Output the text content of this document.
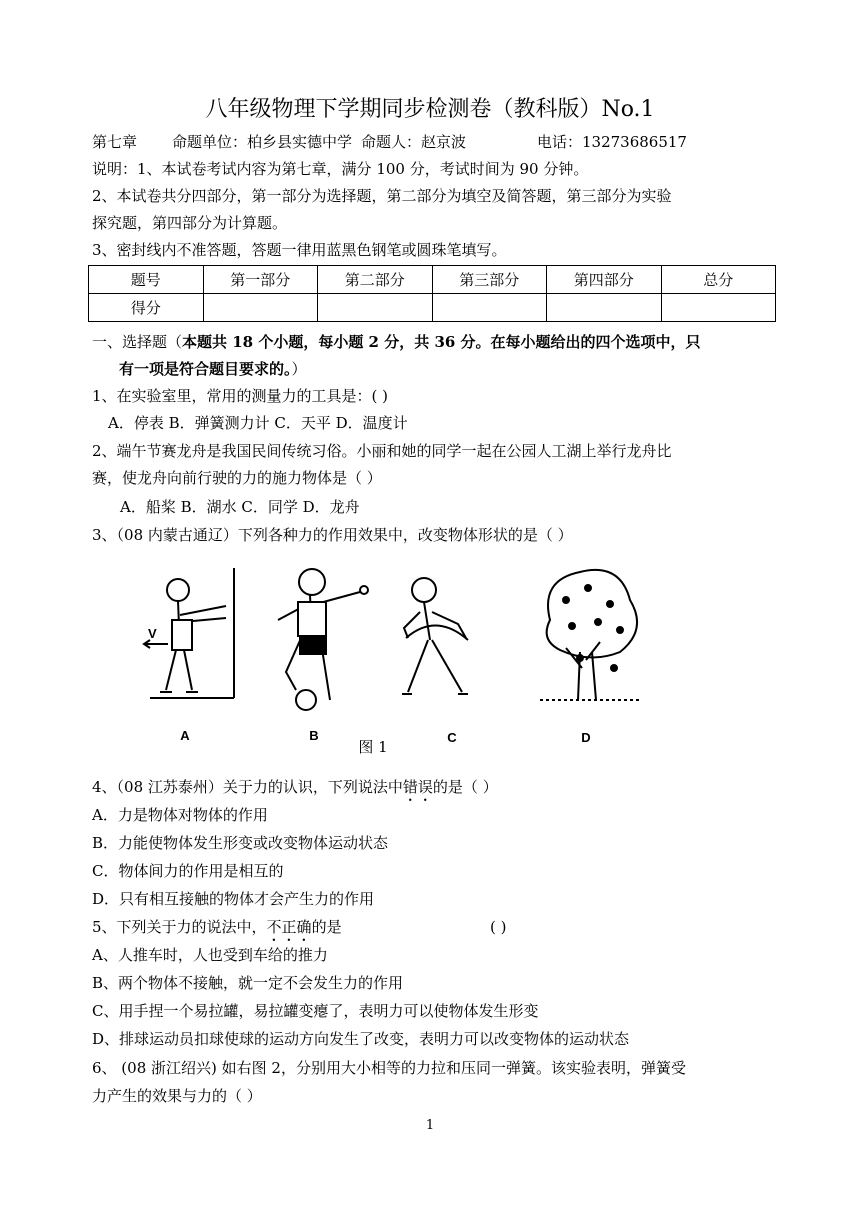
八年级物理下学期同步检测卷（教科版）No.1
第七章 命题单位：柏乡县实德中学 命题人：赵京波	电话：13273686517
说明：1、本试卷考试内容为第七章，满分 100 分，考试时间为 90 分钟。
2、本试卷共分四部分，第一部分为选择题，第二部分为填空及简答题，第三部分为实验
探究题，第四部分为计算题。
3、密封线内不准答题，答题一律用蓝黑色钢笔或圆珠笔填写。
题号	第一部分	第二部分	第三部分	第四部分	总分
得分					
一、选择题（本题共 18 个小题，每小题 2 分，共 36 分。在每小题给出的四个选项中，只
有一项是符合题目要求的。）
1、在实验室里，常用的测量力的工具是：( )
A．停表 B．弹簧测力计 C．天平 D．温度计
2、端午节赛龙舟是我国民间传统习俗。小丽和她的同学一起在公园人工湖上举行龙舟比
赛，使龙舟向前行驶的力的施力物体是（ ）
A．船桨 B．湖水 C．同学 D．龙舟
3、（08 内蒙古通辽）下列各种力的作用效果中，改变物体形状的是（ ）
V
A	B	C	D
图 1
4、（08 江苏泰州）关于力的认识，下列说法中错误的是（ ）
A．力是物体对物体的作用
B．力能使物体发生形变或改变物体运动状态
C．物体间力的作用是相互的
D．只有相互接触的物体才会产生力的作用
5、下列关于力的说法中，不正确的是	( )
A、人推车时，人也受到车给的推力
B、两个物体不接触，就一定不会发生力的作用
C、用手捏一个易拉罐，易拉罐变瘪了，表明力可以使物体发生形变
D、排球运动员扣球使球的运动方向发生了改变，表明力可以改变物体的运动状态
6、 (08 浙江绍兴) 如右图 2，分别用大小相等的力拉和压同一弹簧。该实验表明，弹簧受
力产生的效果与力的（ ）
1
